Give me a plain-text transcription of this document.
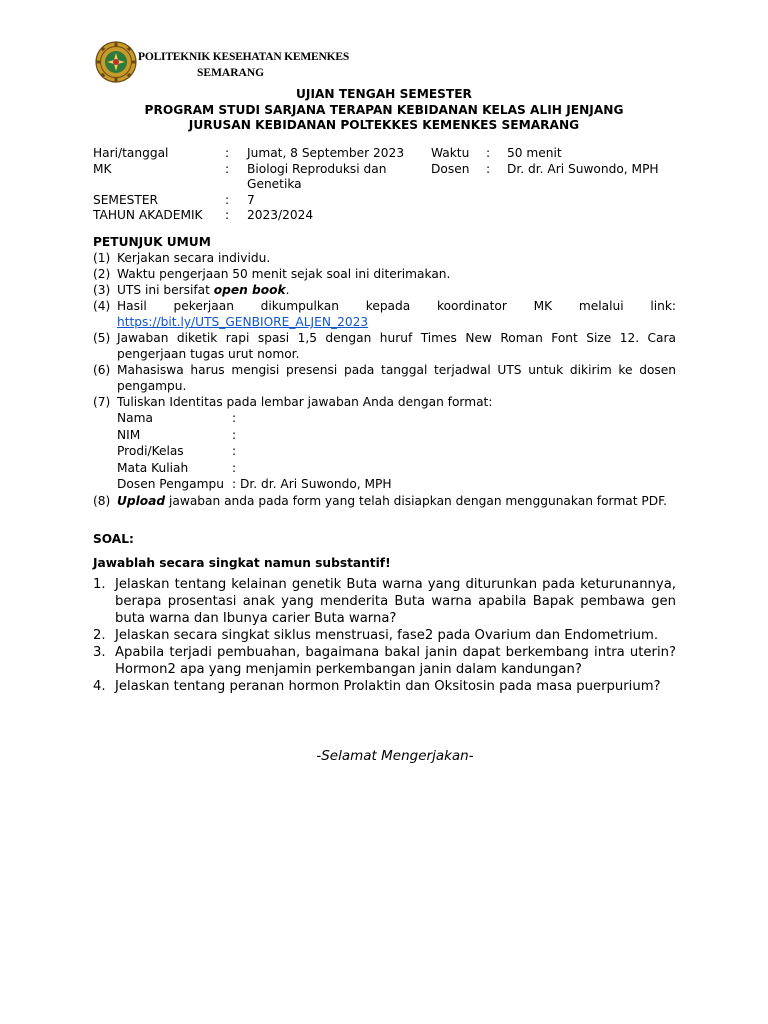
POLITEKNIK KESEHATAN KEMENKES
SEMARANG
UJIAN TENGAH SEMESTER
PROGRAM STUDI SARJANA TERAPAN KEBIDANAN KELAS ALIH JENJANG
JURUSAN KEBIDANAN POLTEKKES KEMENKES SEMARANG
Hari/tanggal	: Jumat, 8 September 2023 Waktu : 50 menit
MK	: Biologi Reproduksi dan	Dosen : Dr. dr. Ari Suwondo, MPH
Genetika
SEMESTER	: 7
TAHUN AKADEMIK : 2023/2024
PETUNJUK UMUM
(1) Kerjakan secara individu.
(2) Waktu pengerjaan 50 menit sejak soal ini diterimakan.
(3) UTS ini bersifat open book.
(4) Hasil pekerjaan dikumpulkan kepada koordinator MK melalui link:
https://bit.ly/UTS_GENBIORE_ALJEN_2023
(5) Jawaban diketik rapi spasi 1,5 dengan huruf Times New Roman Font Size 12. Cara pengerjaan tugas urut nomor.
(6) Mahasiswa harus mengisi presensi pada tanggal terjadwal UTS untuk dikirim ke dosen pengampu.
(7) Tuliskan Identitas pada lembar jawaban Anda dengan format:
Nama	:
NIM	:
Prodi/Kelas	:
Mata Kuliah	:
Dosen Pengampu : Dr. dr. Ari Suwondo, MPH
(8) Upload jawaban anda pada form yang telah disiapkan dengan menggunakan format PDF.
SOAL:
Jawablah secara singkat namun substantif!
1. Jelaskan tentang kelainan genetik Buta warna yang diturunkan pada keturunannya, berapa prosentasi anak yang menderita Buta warna apabila Bapak pembawa gen buta warna dan Ibunya carier Buta warna?
2. Jelaskan secara singkat siklus menstruasi, fase2 pada Ovarium dan Endometrium.
3. Apabila terjadi pembuahan, bagaimana bakal janin dapat berkembang intra uterin? Hormon2 apa yang menjamin perkembangan janin dalam kandungan?
4. Jelaskan tentang peranan hormon Prolaktin dan Oksitosin pada masa puerpurium?
-Selamat Mengerjakan-
